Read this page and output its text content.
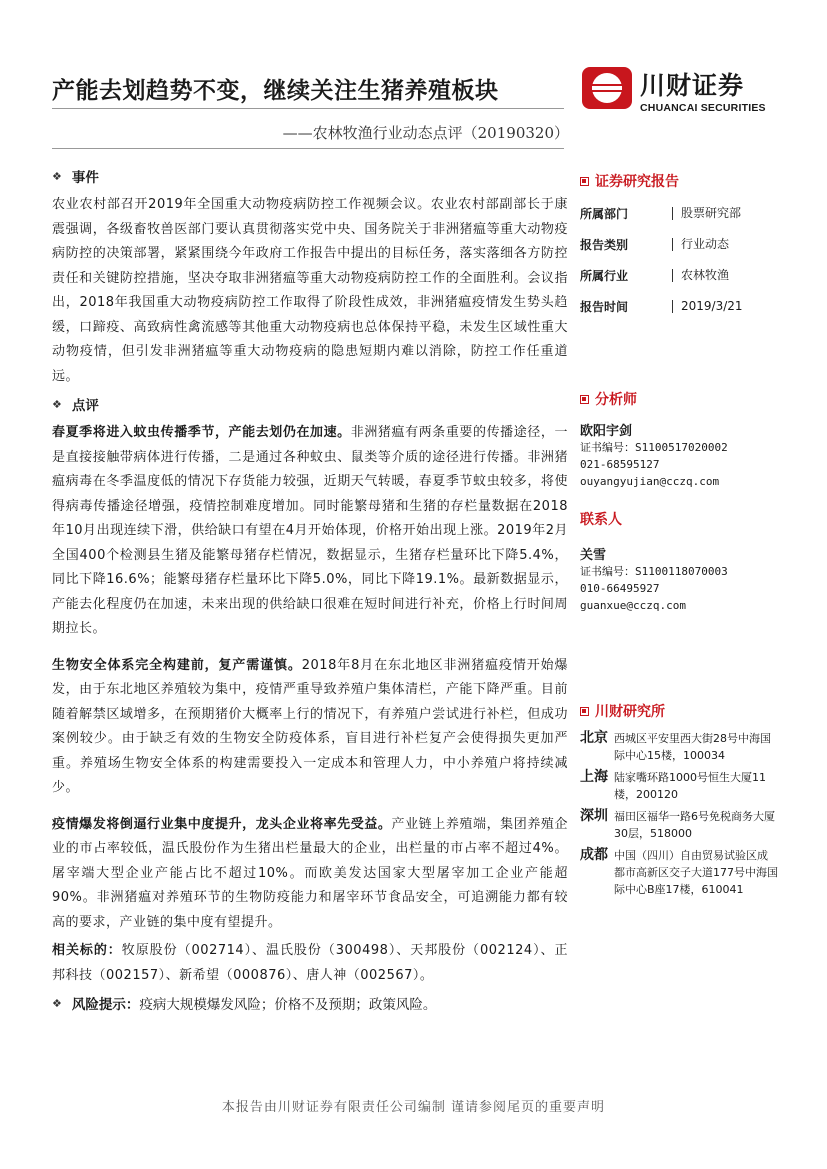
产能去划趋势不变，继续关注生猪养殖板块
——农林牧渔行业动态点评（20190320）
川财证券
CHUANCAI SECURITIES
❖ 事件

农业农村部召开2019年全国重大动物疫病防控工作视频会议。农业农村部副部长于康震强调，各级畜牧兽医部门要认真贯彻落实党中央、国务院关于非洲猪瘟等重大动物疫病防控的决策部署，紧紧围绕今年政府工作报告中提出的目标任务，落实落细各方防控责任和关键防控措施，坚决夺取非洲猪瘟等重大动物疫病防控工作的全面胜利。会议指出，2018年我国重大动物疫病防控工作取得了阶段性成效，非洲猪瘟疫情发生势头趋缓，口蹄疫、高致病性禽流感等其他重大动物疫病也总体保持平稳，未发生区域性重大动物疫情，但引发非洲猪瘟等重大动物疫病的隐患短期内难以消除，防控工作任重道远。

❖ 点评

春夏季将进入蚊虫传播季节，产能去划仍在加速。非洲猪瘟有两条重要的传播途径，一是直接接触带病体进行传播，二是通过各种蚊虫、鼠类等介质的途径进行传播。非洲猪瘟病毒在冬季温度低的情况下存货能力较强，近期天气转暖，春夏季节蚊虫较多，将使得病毒传播途径增强，疫情控制难度增加。同时能繁母猪和生猪的存栏量数据在2018年10月出现连续下滑，供给缺口有望在4月开始体现，价格开始出现上涨。2019年2月全国400个检测县生猪及能繁母猪存栏情况，数据显示，生猪存栏量环比下降5.4%，同比下降16.6%；能繁母猪存栏量环比下降5.0%，同比下降19.1%。最新数据显示，产能去化程度仍在加速，未来出现的供给缺口很难在短时间进行补充，价格上行时间周期拉长。

生物安全体系完全构建前，复产需谨慎。2018年8月在东北地区非洲猪瘟疫情开始爆发，由于东北地区养殖较为集中，疫情严重导致养殖户集体清栏，产能下降严重。目前随着解禁区域增多，在预期猪价大概率上行的情况下，有养殖户尝试进行补栏，但成功案例较少。由于缺乏有效的生物安全防疫体系，盲目进行补栏复产会使得损失更加严重。养殖场生物安全体系的构建需要投入一定成本和管理人力，中小养殖户将持续减少。

疫情爆发将倒逼行业集中度提升，龙头企业将率先受益。产业链上养殖端，集团养殖企业的市占率较低，温氏股份作为生猪出栏量最大的企业，出栏量的市占率不超过4%。屠宰端大型企业产能占比不超过10%。而欧美发达国家大型屠宰加工企业产能超90%。非洲猪瘟对养殖环节的生物防疫能力和屠宰环节食品安全，可追溯能力都有较高的要求，产业链的集中度有望提升。

相关标的：牧原股份（002714）、温氏股份（300498）、天邦股份（002124）、正邦科技（002157）、新希望（000876）、唐人神（002567）。

❖ 风险提示： 疫病大规模爆发风险；价格不及预期；政策风险。
证券研究报告
所属部门	股票研究部
报告类别	行业动态
所属行业	农林牧渔
报告时间	2019/3/21
分析师
欧阳宇剑
证书编号：S1100517020002
021-68595127
ouyangyujian@cczq.com
联系人
关雪
证书编号：S1100118070003
010-66495927
guanxue@cczq.com
川财研究所
北京 西城区平安里西大街28号中海国际中心15楼，100034
上海 陆家嘴环路1000号恒生大厦11楼，200120
深圳 福田区福华一路6号免税商务大厦30层，518000
成都 中国（四川）自由贸易试验区成都市高新区交子大道177号中海国际中心B座17楼，610041
本报告由川财证券有限责任公司编制 谨请参阅尾页的重要声明
